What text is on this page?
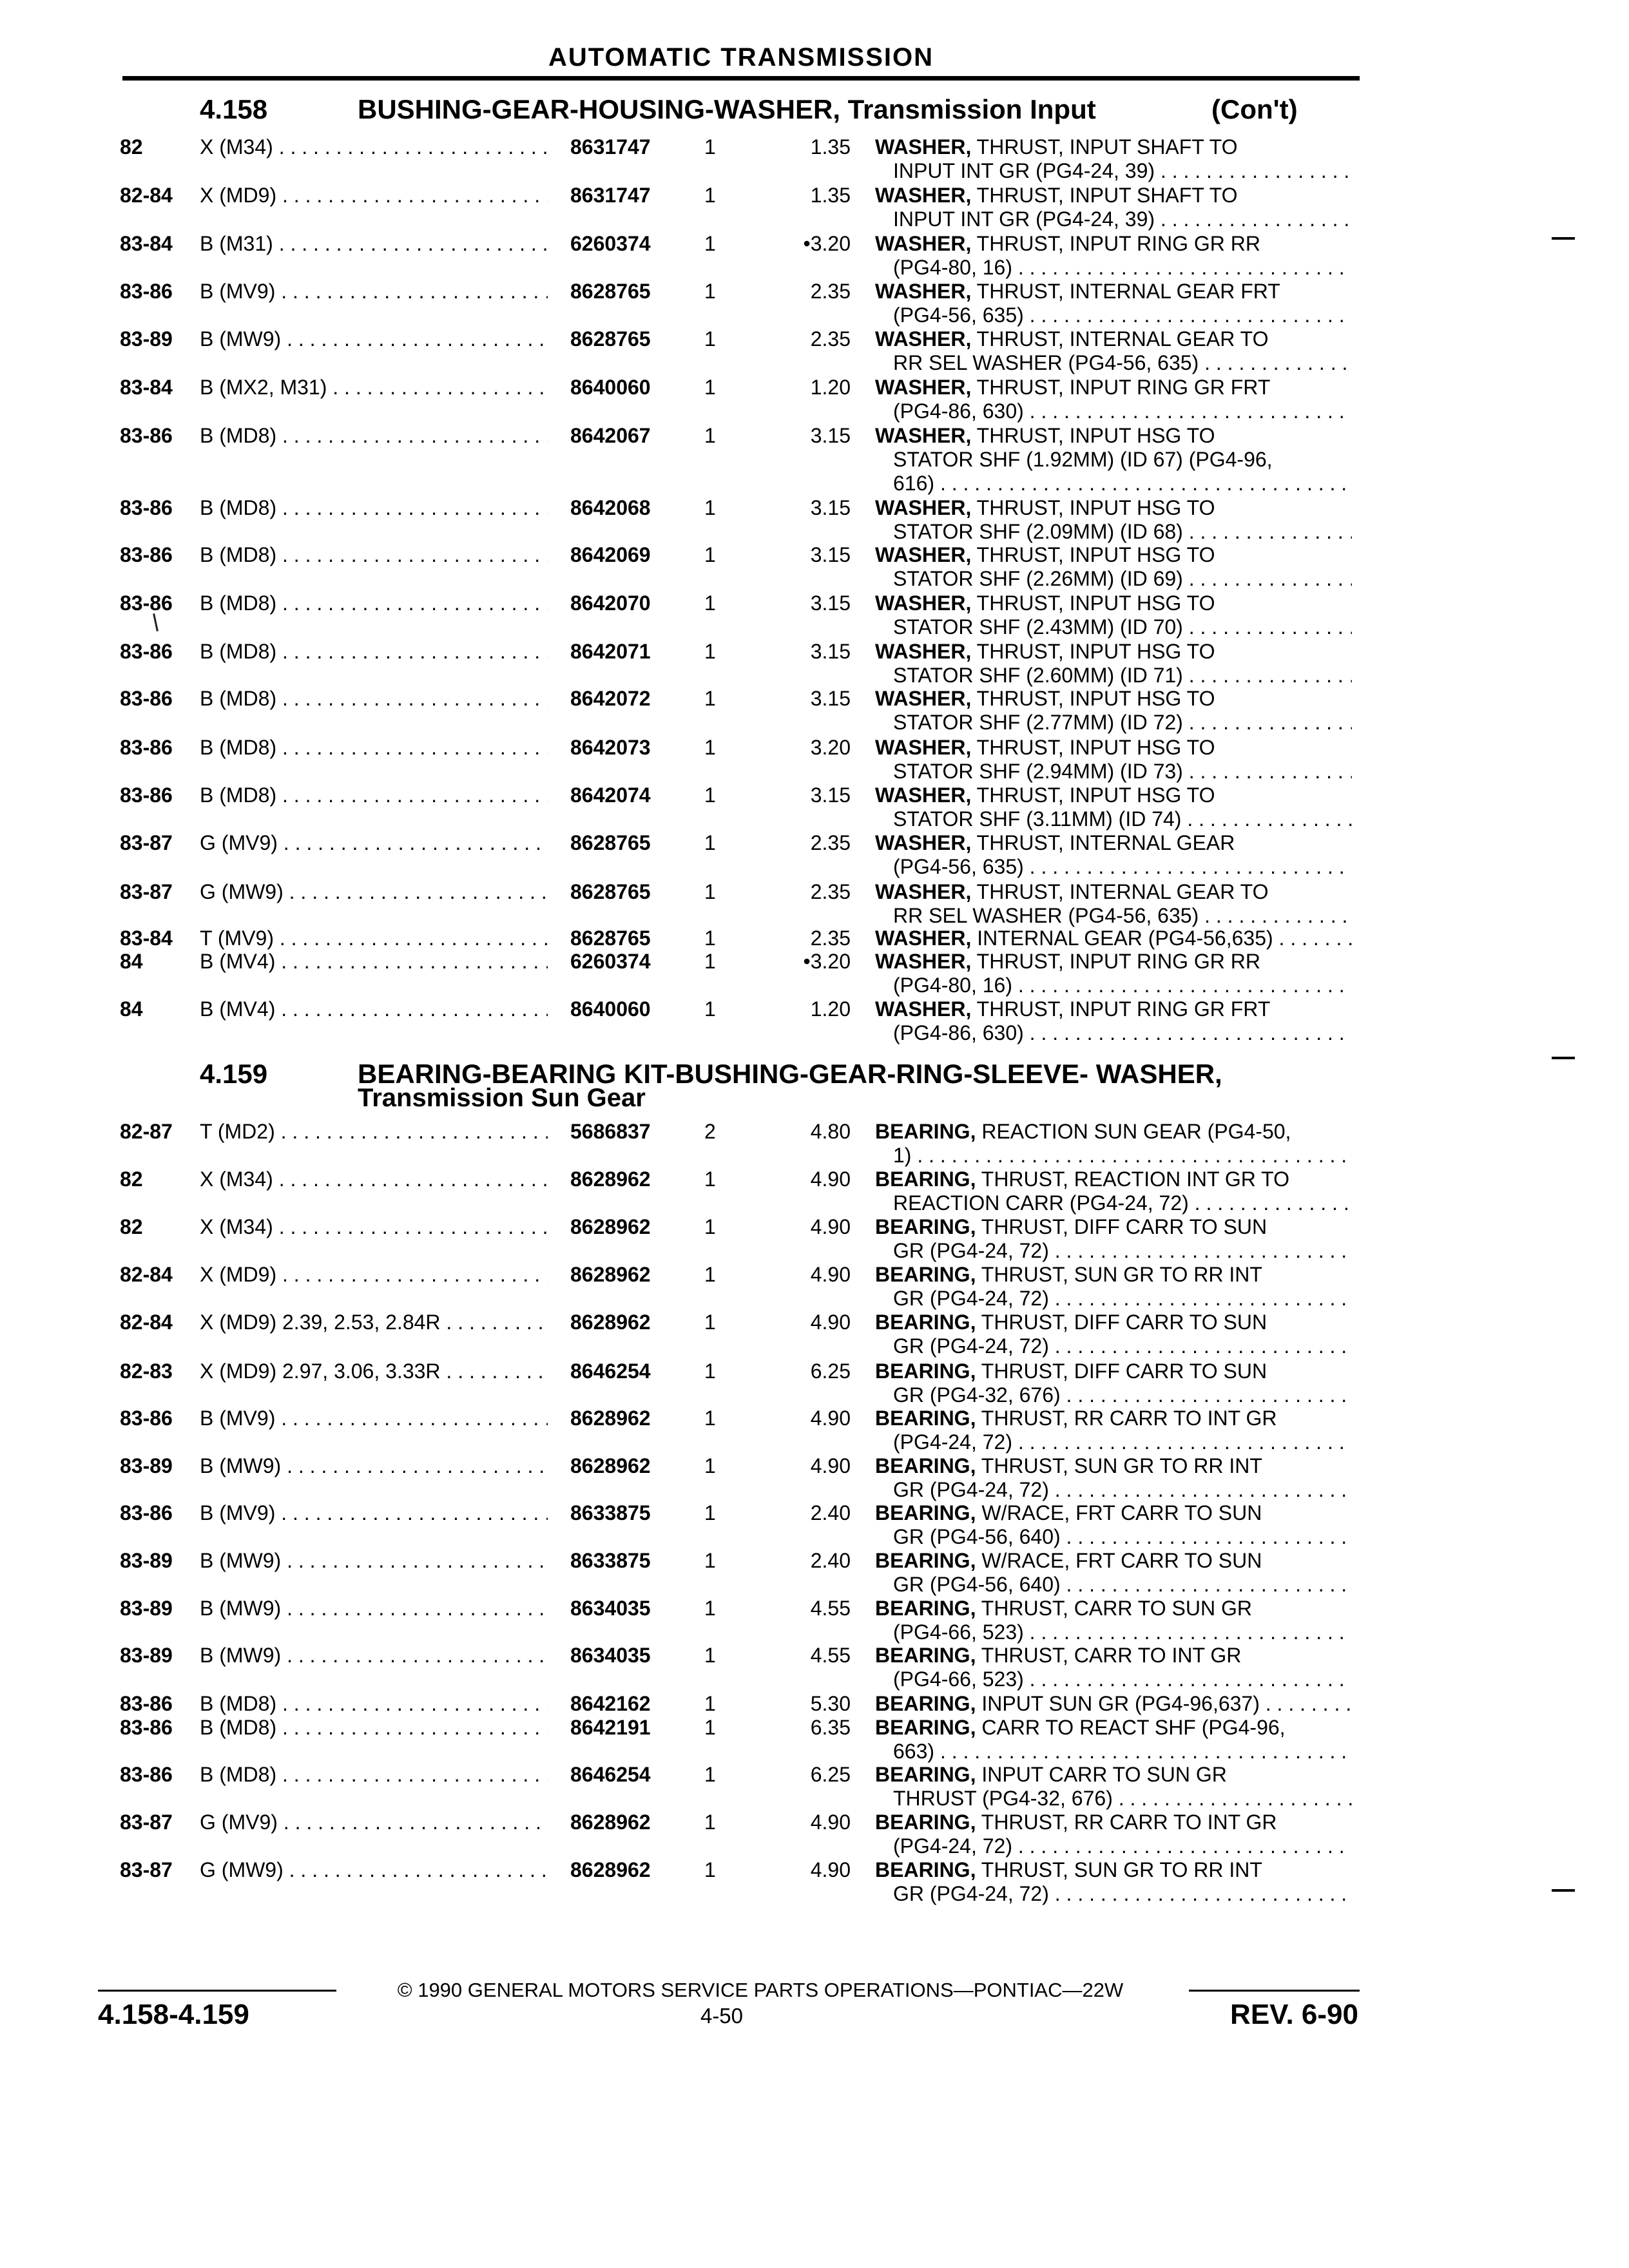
AUTOMATIC TRANSMISSION
4.158	BUSHING-GEAR-HOUSING-WASHER, Transmission Input	(Con't)
82	X (M34) . . .	8631747	1	1.35 WASHER, THRUST, INPUT SHAFT TO
INPUT INT GR (PG4-24, 39) . . .
82-84 X (MD9) . . .	8631747	1	1.35 WASHER, THRUST, INPUT SHAFT TO
INPUT INT GR (PG4-24, 39) . . .
83-84 B (M31) . . .	6260374	1	•3.20 WASHER, THRUST, INPUT RING GR RR
(PG4-80, 16) . . .
83-86 B (MV9) . . .	8628765	1	2.35 WASHER, THRUST, INTERNAL GEAR FRT
(PG4-56, 635) . . .
83-89 B (MW9) . . .	8628765	1	2.35 WASHER, THRUST, INTERNAL GEAR TO
RR SEL WASHER (PG4-56, 635) . . .
83-84 B (MX2, M31) . . .	8640060	1	1.20 WASHER, THRUST, INPUT RING GR FRT
(PG4-86, 630) . . .
83-86 B (MD8) . . .	8642067	1	3.15 WASHER, THRUST, INPUT HSG TO
STATOR SHF (1.92MM) (ID 67) (PG4-96,
616) . . .
83-86 B (MD8) . . .	8642068	1	3.15 WASHER, THRUST, INPUT HSG TO
STATOR SHF (2.09MM) (ID 68) . . .
83-86 B (MD8) . . .	8642069	1	3.15 WASHER, THRUST, INPUT HSG TO
STATOR SHF (2.26MM) (ID 69) . . .
83-86 B (MD8) . . .	8642070	1	3.15 WASHER, THRUST, INPUT HSG TO
STATOR SHF (2.43MM) (ID 70) . . .
83-86 B (MD8) . . .	8642071	1	3.15 WASHER, THRUST, INPUT HSG TO
STATOR SHF (2.60MM) (ID 71) . . .
83-86 B (MD8) . . .	8642072	1	3.15 WASHER, THRUST, INPUT HSG TO
STATOR SHF (2.77MM) (ID 72) . . .
83-86 B (MD8) . . .	8642073	1	3.20 WASHER, THRUST, INPUT HSG TO
STATOR SHF (2.94MM) (ID 73) . . .
83-86 B (MD8) . . .	8642074	1	3.15 WASHER, THRUST, INPUT HSG TO
STATOR SHF (3.11MM) (ID 74) . . .
83-87 G (MV9) . . .	8628765	1	2.35 WASHER, THRUST, INTERNAL GEAR
(PG4-56, 635) . . .
83-87 G (MW9) . . .	8628765	1	2.35 WASHER, THRUST, INTERNAL GEAR TO
RR SEL WASHER (PG4-56, 635) . . .
83-84 T (MV9) . . .	8628765	1	2.35 WASHER, INTERNAL GEAR (PG4-56,635) . . .
84	B (MV4) . . .	6260374	1	•3.20 WASHER, THRUST, INPUT RING GR RR
(PG4-80, 16) . . .
84	B (MV4) . . .	8640060	1	1.20 WASHER, THRUST, INPUT RING GR FRT
(PG4-86, 630) . . .
4.159	BEARING-BEARING KIT-BUSHING-GEAR-RING-SLEEVE- WASHER,
Transmission Sun Gear
82-87 T (MD2) . . .	5686837	2	4.80 BEARING, REACTION SUN GEAR (PG4-50,
1) . . .
82	X (M34) . . .	8628962	1	4.90 BEARING, THRUST, REACTION INT GR TO
REACTION CARR (PG4-24, 72) . . .
82	X (M34) . . .	8628962	1	4.90 BEARING, THRUST, DIFF CARR TO SUN
GR (PG4-24, 72) . . .
82-84 X (MD9) . . .	8628962	1	4.90 BEARING, THRUST, SUN GR TO RR INT
GR (PG4-24, 72) . . .
82-84 X (MD9) 2.39, 2.53, 2.84R . . .	8628962	1	4.90 BEARING, THRUST, DIFF CARR TO SUN
GR (PG4-24, 72) . . .
82-83 X (MD9) 2.97, 3.06, 3.33R . . .	8646254	1	6.25 BEARING, THRUST, DIFF CARR TO SUN
GR (PG4-32, 676) . . .
83-86 B (MV9) . . .	8628962	1	4.90 BEARING, THRUST, RR CARR TO INT GR
(PG4-24, 72) . . .
83-89 B (MW9) . . .	8628962	1	4.90 BEARING, THRUST, SUN GR TO RR INT
GR (PG4-24, 72) . . .
83-86 B (MV9) . . .	8633875	1	2.40 BEARING, W/RACE, FRT CARR TO SUN
GR (PG4-56, 640) . . .
83-89 B (MW9) . . .	8633875	1	2.40 BEARING, W/RACE, FRT CARR TO SUN
GR (PG4-56, 640) . . .
83-89 B (MW9) . . .	8634035	1	4.55 BEARING, THRUST, CARR TO SUN GR
(PG4-66, 523) . . .
83-89 B (MW9) . . .	8634035	1	4.55 BEARING, THRUST, CARR TO INT GR
(PG4-66, 523) . . .
83-86 B (MD8) . . .	8642162	1	5.30 BEARING, INPUT SUN GR (PG4-96,637) . . .
83-86 B (MD8) . . .	8642191	1	6.35 BEARING, CARR TO REACT SHF (PG4-96,
663) . . .
83-86 B (MD8) . . .	8646254	1	6.25 BEARING, INPUT CARR TO SUN GR
THRUST (PG4-32, 676) . . .
83-87 G (MV9) . . .	8628962	1	4.90 BEARING, THRUST, RR CARR TO INT GR
(PG4-24, 72) . . .
83-87 G (MW9) . . .	8628962	1	4.90 BEARING, THRUST, SUN GR TO RR INT
GR (PG4-24, 72) . . .
© 1990 GENERAL MOTORS SERVICE PARTS OPERATIONS—PONTIAC—22W
4.158-4.159	4-50	REV. 6-90
